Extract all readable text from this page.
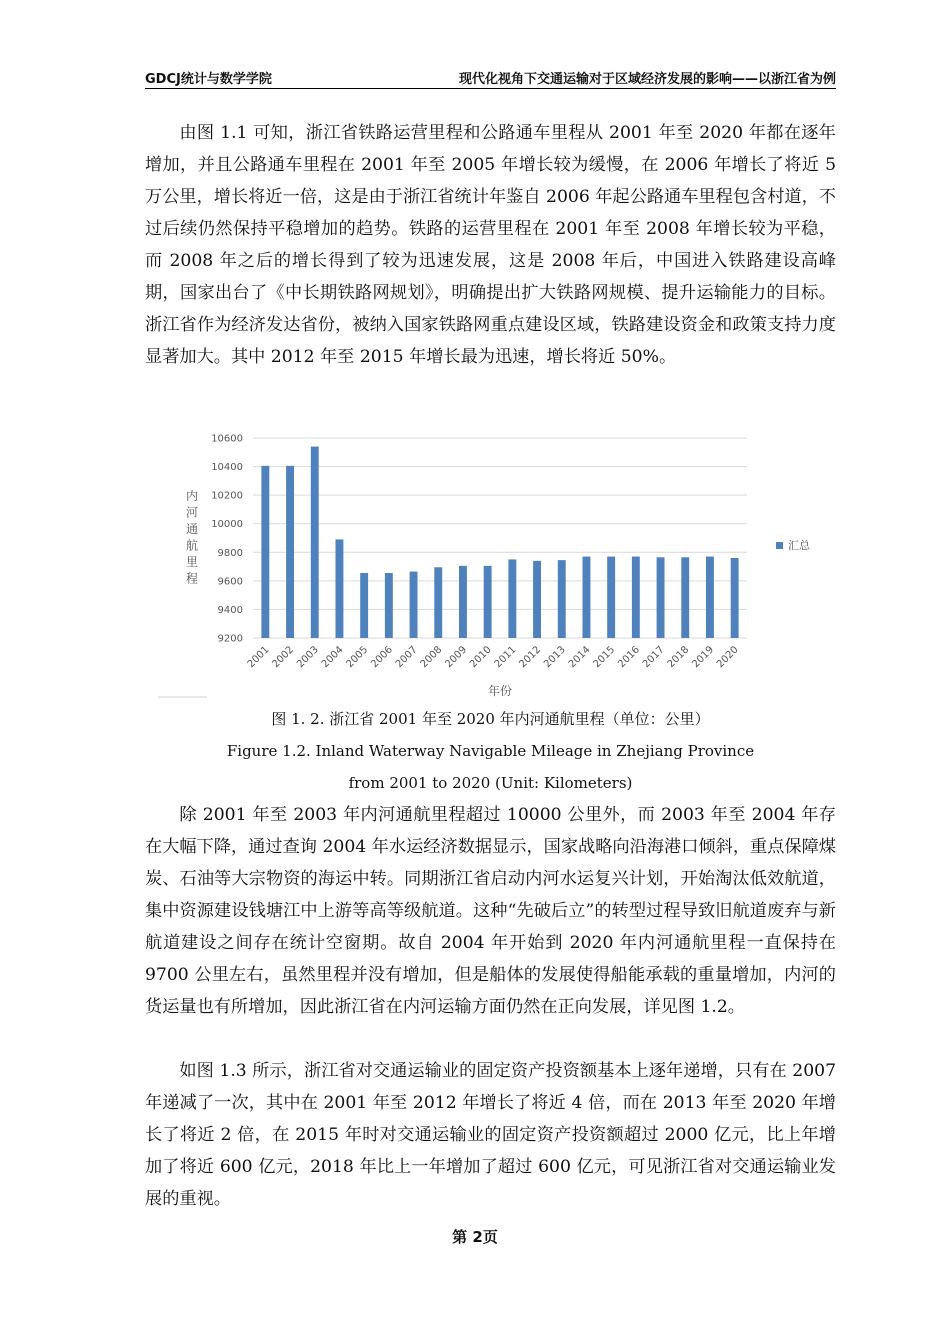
GDCJ统计与数学学院	现代化视角下交通运输对于区域经济发展的影响——以浙江省为例

由图 1.1 可知，浙江省铁路运营里程和公路通车里程从 2001 年至 2020 年都在逐年增加，并且公路通车里程在 2001 年至 2005 年增长较为缓慢，在 2006 年增长了将近 5 万公里，增长将近一倍，这是由于浙江省统计年鉴自 2006 年起公路通车里程包含村道，不过后续仍然保持平稳增加的趋势。铁路的运营里程在 2001 年至 2008 年增长较为平稳，而 2008 年之后的增长得到了较为迅速发展，这是 2008 年后，中国进入铁路建设高峰期，国家出台了《中长期铁路网规划》，明确提出扩大铁路网规模、提升运输能力的目标。浙江省作为经济发达省份，被纳入国家铁路网重点建设区域，铁路建设资金和政策支持力度显著加大。其中 2012 年至 2015 年增长最为迅速，增长将近 50%。

10600
10400
10200
10000
9800
9600
9400
9200
2001
2002
2003
2004
2005
2006
2007
2008
2009
2010
2011
2012
2013
2014
2015
2016
2017
2018
2019
2020
内
河
通
航
里
程
年份
汇总
图 1. 2. 浙江省 2001 年至 2020 年内河通航里程（单位：公里）
Figure 1.2. Inland Waterway Navigable Mileage in Zhejiang Province
from 2001 to 2020 (Unit: Kilometers)

除 2001 年至 2003 年内河通航里程超过 10000 公里外，而 2003 年至 2004 年存在大幅下降，通过查询 2004 年水运经济数据显示，国家战略向沿海港口倾斜，重点保障煤炭、石油等大宗物资的海运中转。同期浙江省启动内河水运复兴计划，开始淘汰低效航道，集中资源建设钱塘江中上游等高等级航道。这种“先破后立”的转型过程导致旧航道废弃与新航道建设之间存在统计空窗期。故自 2004 年开始到 2020 年内河通航里程一直保持在 9700 公里左右，虽然里程并没有增加，但是船体的发展使得船能承载的重量增加，内河的货运量也有所增加，因此浙江省在内河运输方面仍然在正向发展，详见图 1.2。

如图 1.3 所示，浙江省对交通运输业的固定资产投资额基本上逐年递增，只有在 2007 年递减了一次，其中在 2001 年至 2012 年增长了将近 4 倍，而在 2013 年至 2020 年增长了将近 2 倍，在 2015 年时对交通运输业的固定资产投资额超过 2000 亿元，比上年增加了将近 600 亿元，2018 年比上一年增加了超过 600 亿元，可见浙江省对交通运输业发展的重视。

第 2页
